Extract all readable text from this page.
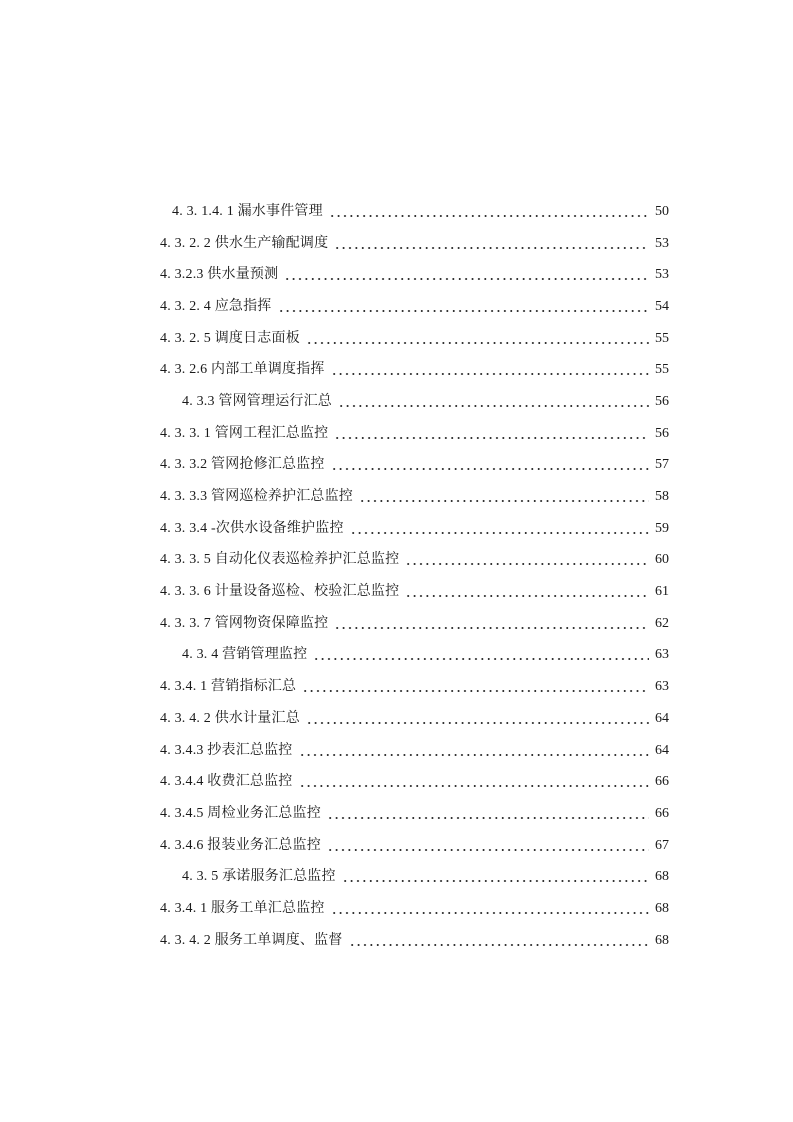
4. 3. 1.4. 1 漏水事件管理	50
4. 3. 2. 2 供水生产输配调度	53
4. 3.2.3 供水量预测	53
4. 3. 2. 4 应急指挥	54
4. 3. 2. 5 调度日志面板	55
4. 3. 2.6 内部工单调度指挥	55
4. 3.3 管网管理运行汇总	56
4. 3. 3. 1 管网工程汇总监控	56
4. 3. 3.2 管网抢修汇总监控	57
4. 3. 3.3 管网巡检养护汇总监控	58
4. 3. 3.4 -次供水设备维护监控	59
4. 3. 3. 5 自动化仪表巡检养护汇总监控	60
4. 3. 3. 6 计量设备巡检、校验汇总监控	61
4. 3. 3. 7 管网物资保障监控	62
4. 3. 4 营销管理监控	63
4. 3.4. 1 营销指标汇总	63
4. 3. 4. 2 供水计量汇总	64
4. 3.4.3 抄表汇总监控	64
4. 3.4.4 收费汇总监控	66
4. 3.4.5 周检业务汇总监控	66
4. 3.4.6 报装业务汇总监控	67
4. 3. 5 承诺服务汇总监控	68
4. 3.4. 1 服务工单汇总监控	68
4. 3. 4. 2 服务工单调度、监督	68
